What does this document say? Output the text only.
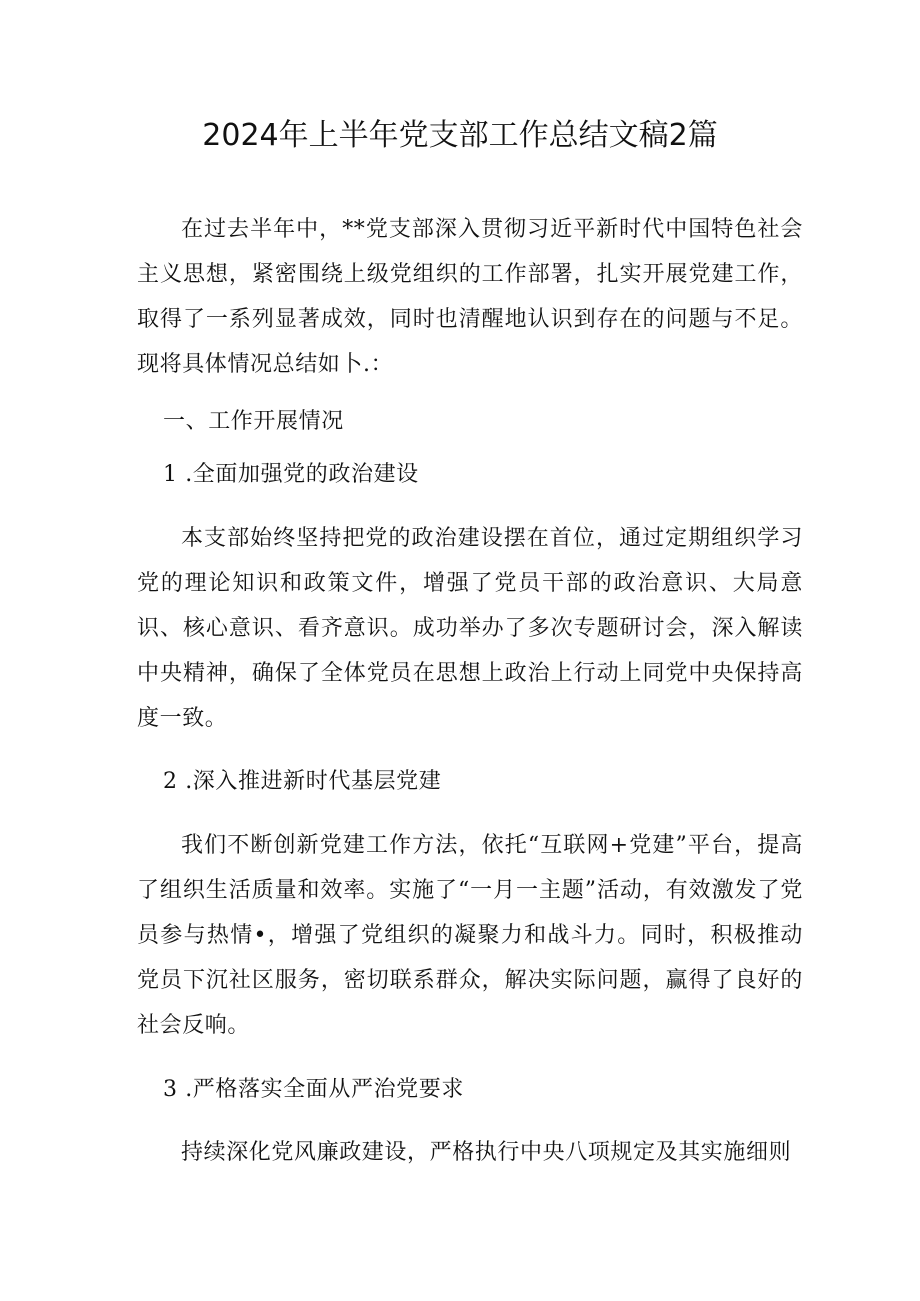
2024年上半年党支部工作总结文稿2篇

在过去半年中，**党支部深入贯彻习近平新时代中国特色社会主义思想，紧密围绕上级党组织的工作部署，扎实开展党建工作，取得了一系列显著成效，同时也清醒地认识到存在的问题与不足。现将具体情况总结如卜.：

一、工作开展情况

1 .全面加强党的政治建设

本支部始终坚持把党的政治建设摆在首位，通过定期组织学习党的理论知识和政策文件，增强了党员干部的政治意识、大局意识、核心意识、看齐意识。成功举办了多次专题研讨会，深入解读中央精神，确保了全体党员在思想上政治上行动上同党中央保持高度一致。

2 .深入推进新时代基层党建

我们不断创新党建工作方法，依托“互联网+党建”平台，提高了组织生活质量和效率。实施了“一月一主题”活动，有效激发了党员参与热情•，增强了党组织的凝聚力和战斗力。同时，积极推动党员下沉社区服务，密切联系群众，解决实际问题，赢得了良好的社会反响。

3 .严格落实全面从严治党要求

持续深化党风廉政建设，严格执行中央八项规定及其实施细则
